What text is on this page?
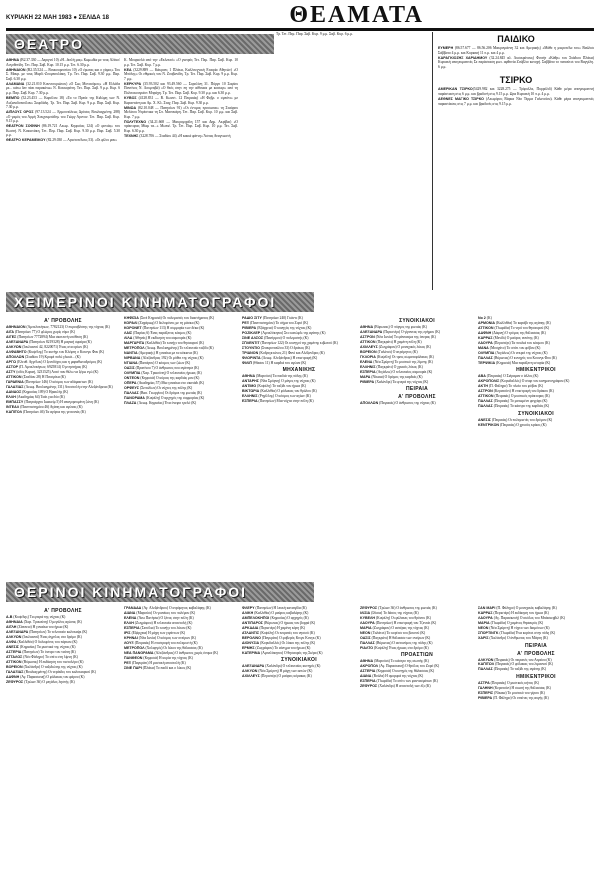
ΚΥΡΙΑΚΗ 22 ΜΑΗ 1983 ● ΣΕΛΙΔΑ 18	ΘΕΑΜΑΤΑ
ΘΕΑΤΡΟ

ΑΘΗΝΑ (Β2.37.330 — Δεριγνύ 10) «Η...διπλή μας» Κωμωδία με τους Αλέκο/Λογοθετίδη. Τετ. Παρ. Σαβ. Κυρ. 10.15 μ.μ. Τετ. 6.30 μ.μ.

ΑΘΗΝΑΙΟΝ (Β2.35.524 — Βουκουρεστίου 10) «Ο έρωτας και ο γάμος» Του Σ. Μαυρ. με τους Μαρδ.-Ζουμπουλάκη. Τρ. Τετ. Παρ. Σαβ. 9.30 μ.μ. Παρ. Σαβ. 6.30 μ.μ.

ΑΛΑΜΑΝΑ (32.21.010 Κουντουριώτου) «Ο Σως Μονοσόμος» «Η Ελλάδα με... κάτω δεν πάει παρακάτω» Ν. Κοκκορόπη. Τετ. Παρ. Σαβ. 9 μ.μ. Κυρ. 6 μ.μ. Παρ. Σαβ. Κυρ. 7.30 μ.μ.

ΒΕΜΠΟ (52.23.453 — Καρόλου 18) «Τα το Πρεύε της Κιδώμη των Ν. Λυζιανιδοπούλου» Σοφιδάλη. Τρ. Τετ. Παρ. Σαβ. Κυρ. 9 μ.μ. Παρ. Σαβ. Κυρ. 7.30 μ.μ.

ΔΙΠΛΟΥΣ ΟΡΟΣ (97.13.524 — Ερμουπόλεως Δρόσος Βουλιαγμένης 288) «Ο γαμός του Αρμή Χουχουμπάδη» του Γιώργ Αρνιτιν. Τετ. Παρ. Σαβ. Κυρ. 9.15 μ.μ.

ΘΕΑΤΡΟΝ ΣΟΦΙΝΗ (86.19.721 Λεωφ. Κηφισίας 124) «Ο φονιάς» του Κωστή. Ν. Κοκκινάκη. Τετ. Πεμ. Παρ. Σαβ. Κυρ. 9.30 μ.μ. Παρ. Σαβ. 5.30 μ.μ.

ΘΕΑΤΡΟ ΚΕΡΑΜΕΙΚΟΥ (82.29.030 — Αριστοτέλους 53). «Οι φίλοι μου»

Κ. Μουρσελά από την «Εκλεκτό» «Ο γιατρός Τετ. Πεμ. Παρ. Σαβ. Κυρ. 10 μ.μ. Τετ. Σαβ. Κυρ. 7 μ.μ.

ΚΕΑ (3229.889 — Κάκροπς 1 Πλάκα, Καλλιτεχνική Εταιρία Αθηνών) «Ο Μπόλης» Οι εθιμικές του Ν. Ζουβανίδη. Τρ. Τετ. Παρ. Σαβ. Κυρ. 9 μ.μ. Κυρ. 7 μ.μ.

ΚΕΡΚΥΡΑ (35.93.502 και 93.49.560 — Σορολίνη 31. Πύργο 10 Σοφίου Παντίνος Ν. Λουμπιβά) «Ο θεός στην πη την αίθουσα με κοσκερ» από τη Πολιτοκουγκέοτ Μπράχη. Τρ. Τετ. Παρ. Σαβ. Κυρ. 9.30 μ.μ. και 6.30 μ.μ.

ΚΥΒΟΣ (4128.831 — Β. Κωνστ. 12 Πειραιάς) «Η Φεβρ. ο σμπόνι» με Καραντάνη και Αμ. Χ. Κλ. Σταχ. Παρ. Σαβ. Κυρ. 9.30 μ.μ.

ΜΙΝΩΑ (82.10.048 — Πατησίων 91) «Οι έντιμος προσωπαι» τη Σταύρου Μελίπου Ντρέστικα τη Σπ. Μανουάρη. Τετ. Παρ. Σαβ. Κυρ. 10 μ.μ. και Σαβ. Κυρ. 7 μ.μ.

ΠΟΛΥΤΕΧΝΟ (34.21.668 — Μαυρομιχάλη 157 και Δημ. Ακρίβαι) «Ο πράκτορας Μίαμ τα...» Μωπιέ. Τρ. Τετ. Παρ. Σαβ. Κυρ. 10 μ.μ. Τετ. Σαβ. Κυρ. 6.30 μ.μ.

ΤΕΧΝΗΣ (3228.706 — Σταδίου 44) «Η κακιά φάτνη» Άσπας Αναγνωστή

Τρ. Τετ. Πεμ. Παρ. Σαβ. Κυρ. 9 μ.μ. Σαβ. Κυρ. 6 μ.μ.	ΠΑΙΔΙΚΟ

ΕΥΜΕΡΗ (86.57.677 — 86.56.206 Μακρυγιάννη 32 και Αμερικής) «Μάθε η μικροτέλα του» Βαύλισι Σάββατο 4 μ.μ. και Κυριακή 11 π.μ. και 4 μ.μ.

ΚΑΡΑΓΚΙΟΖΗΣ ΧΑΡΙΔΗΜΟΥ (32.24.845 αλ. Λυσικράτους) Φοιτήτ «Κάθρ» του Στάδιου Πλάκα) Κυριακή απογευματινές Σε παράσταση φωτ. αφθονία Ζούβλιο κατοχή. Σαββάτο το παπούτσι του Βαγγέλη. 6 μ.μ.

ΤΣΙΡΚΟ

ΑΜΕΡΙΚΑΝ ΤΣΙΡΚΟ(5429.982 και 3228.275 — Τρίφυλλα, Πυρρόλιδ) Κάθε μέρα απογευματινή παράσταση στις 6 μ.μ. και βραδινή στις 9.15 μ.μ. Ωρα Κυριακή 10 π.μ. 4 μ.μ.

ΑΕΘΝΕΣ ΜΑΓΙΚΟ ΤΣΙΡΚΟ (Λεωφόρος Βάρκα Νέο Τέρμα Γαλατσίου). Κάθε μέρα απογευματινές παραστάσεις στις 7 μ.μ. και βραδινές στις 9.15 μ.μ.

ΧΕΙΜΕΡΙΝΟΙ ΚΙΝΗΜΑΤΟΓΡΑΦΟΙ
Α' ΠΡΟΒΟΛΗΣ

ΑΘΗΝΑΙΟΝ (Αμπελοκήπων, 7782123) Ο πυροσβέστης της νύχτας (Κ)

ΑΙΓΑ (Πατησίων 77) Ο φλώρος χωρίς νόμο (Κ)

ΑΙΓΕΣ (Πατησίων 7772894) Μια σκοτεινή υπόθεση (Κ)

ΑΛΕΞΑΝΔΡΑ (Πατησίων 8219328) Η μαγική σφαίρα (Κ)

ΑΛΚΥΩΝ (Ιουλιανού 42, 8220071) Ένας στα ορίων (Κ)

ΑΛΦΑΒΗΤΟ (Κυψέλης) Το κυνήγι του Κλέφτη ο Κουνγκ Φου (Κ)

ΑΠΟΛΛΩΝ (Σταδίου 19) Κρυφέ πολύ γλυκά... (Κ)

ΑΡΓΩ (Ελευθ. Αγγέλου) Ο ξενοδόχος και η μαραθωνοδρόμος (Κ)

ΑΣΤΟΡ (Π. Αμπελοκήπων, 6925814) Ο μνηστήρας (Κ)

ΑΣΤΥ (οδός Κοραή, 3231525) Αυτό που θέλω να ξέρω εγώ (Κ)

ΑΤΤΙΚΟΝ (Σταδίου 28) Η Πιτσιρίκα (Κ)

ΓΑΡΔΕΝΙΑ (Πατησίων 146) Ο κόσμος των αδάμαστων (Κ)

ΓΑΛΑΞΙΑΣ (Λεωφ. Βουλιαγμένης 131) Αποστολή στην Αλεξάνδρεια (Κ)

ΔΑΝΑΟΣ (Κηφισίας 109) Ο Ηρακλής (Κ)

ΕΛΛΗ (Ακαδημίας 64) Τσάι για δύο (Κ)

ΕΜΠΑΣΣΥ (Πατριάρχου Ιωακείμ 5) Η απαγορευμένη ζώνη (Κ)

ΙΝΤΕΑΛ (Πανεπιστημίου 46) Αγάπη και αγώνας (Κ)

ΚΑΠΙΤΟΛ (Πατησίων 46) Τα αγόρια της γειτονιάς (Κ)

ΚΗΦΙΣΙΑ (Σινέ Κηφισιά) Οι πολεμιστές του διαστήματος (Κ)

ΚΟΡΑΛΙ (Ζαχάρωφ) Ο δολοφόνος με τη μάσκα (Κ)

ΚΟΡΟΝΕΤ (Πατησίων 113) Η συμμορία των δέκα (Κ)

ΛΑΙΣ (Πιερίας 6) Ένας παράξενος κόσμος (Κ)

ΛΙΛΑ (Αθηνάς) Η εκδίκηση του σαμουράι (Κ)

ΜΑΡΓΑΡΙΤΑ (Καλλιθέα) Το κυνήγι του θησαυρού (Κ)

ΜΕΤΡΟΠΟΛ (Λεωφ. Βουλιαγμένης) Το τελευταίο ταξίδι (Κ)

ΝΑΝΤΙΑ (Αμερικής) Η γυναίκα με τα κόκκινα (Κ)

ΝΙΡΒΑΝΑ (Αλεξάνδρας 192) Οι μύθοι της νύχτας (Κ)

ΝΤΙΑΝΑ (Παπάγου) Ο κόσμος των ζώων (Κ)

ΟΑΣΙΣ (Πρατίνου 7) Ο άνθρωπος που αγάπησε (Κ)

ΟΛΥΜΠΙΑ (Χαρ. Τρικούπη) Ο τελευταίος ήρωας (Κ)

ΟΝΤΕΟΝ (Κηφισιά) Ο κύριος της καρδιάς μου (Κ)

ΟΠΕΡΑ (Ακαδημίας 57) Μια γυναίκα στο σκοτάδι (Κ)

ΟΡΦΕΥΣ (Σεπολίων) Οι νύχτες της πόλης (Κ)

ΠΑΛΛΑΣ (Βασ. Γεωργίου) Οι δρόμοι της φωτιάς (Κ)

ΠΑΝΟΡΑΜΑ (Κυψέλη) Ο αρχηγός της συμμορίας (Κ)

ΠΛΑΖΑ (Λεωφ. Κηφισίας) Ένα όνειρο τρελό (Κ)

ΡΑΔΙΟ ΣΙΤΥ (Πατησίων 240) Γκάντι (Κ)

ΡΕΞ (Πανεπιστημίου) Το σήμα του Ζορό (Κ)

ΡΙΒΙΕΡΑ (Εξάρχεια) Ο κυνηγός της νύχτας (Κ)

ΡΟΖΙΚΛΕΡ (Αμπελόκηποι) Στο κατώφλι της αγάπης (Κ)

ΣΙΝΕ ΑΛΣΟΣ (Πανόρμου) Ο πολεμιστής (Κ)

ΣΠΛΕΝΤΙΤ (Πατησίων 122) Οι κυνηγοί της χαμένης κιβωτού (Κ)

ΣΤΟΥΝΤΙΟ (Σταυροπούλου 33) Ο δράκος (Κ)

ΤΡΙΑΝΟΝ (Κοδριγκτώνος 21) Φανί και Αλέξανδρος (Κ)

ΦΛΟΡΙΝΤΑ (Λεωφ. Αλεξάνδρας) Η επιστροφή (Κ)

ΦΙΛΙΠ (Θάσου 11) Η καρδιά του αγώνα (Κ)

ΜΗΧΑΝΙΚΗΣ

ΑΘΗΝΑ (Μαρούσι) Τα παιδιά της πόλης (Κ)

ΑΝΤΑΡΗΣ (Νέα Σμύρνη) Ο μάγος της νύχτας (Κ)

ΑΝΤΙΜΟ (Κυψέλη) Το ταξίδι του ήρωα (Κ)

ΒΙΚΤΩΡΙΑ (Καλλιθέα) Ο φύλακας του θρύλου (Κ)

ΕΛΛΗΝΙΣ (Ρηγίλλης) Ο κόσμος των αγίων (Κ)

ΕΣΠΕΡΙΑ (Πατησίων) Μια νύχτα στην πόλη (Κ)

ΣΥΝΟΙΚΙΑΚΟΙ

ΑΘΗΝΑ (Βύρωνας) Ο πύργος της φωτιάς (Κ)

ΑΛΕΞΑΝΔΡΑ (Περιστέρι) Ο γίγαντας της ερήμου (Κ)

ΑΣΤΡΟΝ (Νέα Ιωνία) Το φάντασμα της όπερας (Κ)

ΑΤΤΙΚΟΝ (Παγκράτι) Η χαμένη πόλη (Κ)

ΑΧΙΛΛΕΥΣ (Ζωγράφου) Ο μοναχικός λύκος (Κ)

ΒΟΡΕΙΟΝ (Γαλάτσι) Ο ατρόμητος (Κ)

ΓΚΛΟΡΙΑ (Κυψέλη) Οι τρεις σωματοφύλακες (Κ)

ΕΛΕΝΑ (Νέα Σμύρνη) Το μυστικό της λίμνης (Κ)

ΕΛΛΗΝΙΣ (Παγκράτι) Ο χρυσός λύκος (Κ)

ΕΣΠΕΡΙΑ (Αιγάλεω) Ο τελευταίος σαμουράι (Κ)

ΜΑΡΑ (Νίκαια) Ο δρόμος της καρδιάς (Κ)

ΡΙΒΙΕΡΑ (Χαλάνδρι) Τα φτερά της νύχτας (Κ)

ΠΕΙΡΑΙΑ
Α' ΠΡΟΒΟΛΗΣ

ΑΠΟΛΛΩΝ (Πειραιάς) Ο άνθρωπος της νύχτας (Κ)

Νο 2 (Κ)

ΑΡΜΟΝΙΑ (Καλλιθέα) Το καράβι της αγάπης (Κ)

ΑΤΤΙΚΟΝ (Γλυφάδα) Το νησί του θησαυρού (Κ)

ΔΑΦΝΗ (Δάφνη) Ο τρόμος της θάλασσας (Κ)

ΚΑΡΡΑΣ (Μενίδι) Ο μαύρος ιππότης (Κ)

ΛΑΟΥΡΑ (Περιστέρι) Τα πουλιά του κόσμου (Κ)

ΜΑΝΑ (Μοσχάτο) Το σπίτι του φόβου (Κ)

ΟΛΥΜΠΙΑ (Αιγάλεω) Οι νεκροί της νύχτας (Κ)

ΠΑΛΛΑΣ (Βύρωνας) Ο κυνηγός του Κουνγκ Φου (Κ)

ΤΕΡΨΙΚΙΑ (Κηφισιά) Μια παράξενη ιστορία (Κ)

ΗΜΙΚΕΝΤΡΙΚΟΙ

ΑΒΑ (Πειραιάς) Ο Σιέραμαν ο άλλος (Κ)

ΑΚΡΟΠΟΛΙΣ (Κορυδαλλός) Ο σταρ του κινηματογράφου (Κ)

ΑΚΤΗ (Π. Φάληρο) Το πλοίο του φόβου (Κ)

ΑΣΤΡΟΝ (Κερατσίνι) Η επιστροφή του δράκου (Κ)

ΑΤΤΙΚΟΝ (Πειραιάς) Ο μυστικός πράκτορας (Κ)

ΠΑΛΛΑΣ (Πειραιάς) Το ματωμένο φεγγάρι (Κ)

ΠΑΛΛΑΣ (Πειραιάς) Το κάστρο της καρδιάς (Κ)

ΣΥΝΟΙΚΙΑΚΟΙ

ΑΝΕΣΙΣ (Πειραιάς) Οι πολεμιστές του δρόμου (Κ)

ΚΕΝΤΡΙΚΟΝ (Πειραιάς) Ο χρυσός κρίκος (Κ)

ΘΕΡΙΝΟΙ ΚΙΝΗΜΑΤΟΓΡΑΦΟΙ
Α' ΠΡΟΒΟΛΗΣ

Α-Β (Κυψέλης) Τα φτερά της νύχτας (Κ)

ΑΘΗΝΑΙΑ (Χαρ. Τρικούπη) Ο μεγάλος αγώνας (Κ)

ΑΙΓΛΗ (Ζάππειο) Η γυναίκα του ήρωα (Κ)

ΑΛΕΞΑΝΔΡΑ (Πατησίων) Το τελευταίο καλοκαίρι (Κ)

ΑΛΚΥΩΝ (Ιουλιανού) Ένας άγγελος στο δρόμο (Κ)

ΑΛΦΑ (Καλλιθέα) Ο δολοφόνος του πάρκου (Κ)

ΑΝΕΣΙΣ (Κηφισίας) Τα μυστικά της νύχτας (Κ)

ΑΣΤΕΡΙΑ (Πατησίων) Το όνειρο του ναύτη (Κ)

ΑΤΤΑΛΟΣ (Νέο Φάληρο) Το σπίτι στη λίμνη (Κ)

ΑΤΤΙΚΟΝ (Βύρωνας) Η εκδίκηση του πιστολέρο (Κ)

ΒΟΡΕΙΟΝ (Χαλάνδρι) Ο ταξιδιώτης της νύχτας (Κ)

ΓΑΛΑΞΙΑΣ (Βουλιαγμένης) Οι νεράιδες του καλοκαιριού (Κ)

ΔΑΦΝΗ (Αγ. Παρασκευή) Ο φύλακας του φάρου (Κ)

ΖΕΦΥΡΟΣ (Τρώων 36) Ο μεγάλος ληστής (Κ)

ΓΡΑΝΑΔΑ (Αγ. Αλεξάνδρου) Ο ατρόμητος καβαλάρης (Κ)

ΔΙΑΝΑ (Μαρούσι) Οι γυναίκες του πολέμου (Κ)

ΕΛΕΝΑ (Άνω Πατήσια) Ο ξένος στην πόλη (Κ)

ΕΛΛΗ (Ζωγράφου) Η τελευταία αποστολή (Κ)

ΕΣΠΕΡΙΑ (Σεπόλια) Το κυνήγι του λύκου (Κ)

ΙΡΙΣ (Εξάρχεια) Η μάχη των γιγάντων (Κ)

ΚΡΗΝΑΙ (Νέα Ιωνία) Ο κόσμος των ονείρων (Κ)

ΛΟΥΞ (Πειραιάς) Η επιστροφή του πολεμιστή (Κ)

ΜΕΤΡΟΠΟΛ (Χολαργός) Οι λύκοι της θάλασσας (Κ)

ΝΕΑ ΠΑΝΟΡΑΜΑ (Αλεξάνδρας) Ο άνθρωπος χωρίς όνομα (Κ)

ΠΑΝΘΕΟΝ (Κηφισιά) Η κυρία της νύχτας (Κ)

ΡΕΞ (Παγκράτι) Η μυστική αποστολή (Κ)

ΣΙΝΕ ΠΑΡΙ (Πλάκα) Το παιδί και ο λύκος (Κ)

ΦΛΕΡΥ (Πατησίων) Η λευκή καταιγίδα (Κ)

ΑΛΙΚΗ (Καλλιθέα) Ο μαύρος καβαλάρης (Κ)

ΑΜΠΕΛΟΚΗΠΟΙ (Κηφισίας) Ο αρχηγός (Κ)

ΑΝΤΙΠΑΡΟΣ (Βύρωνας) Ο ήρωας του βορρά (Κ)

ΑΡΚΑΔΙΑ (Περιστέρι) Η χαμένη κόρη (Κ)

ΑΤΛΑΝΤΙΣ (Κυψέλη) Οι πειρατές του νησιού (Κ)

ΒΕΡΟΛΙΝΟ (Παγκράτι) Ο φοβερός Κινγκ Κονγκ (Κ)

ΔΙΟΝΥΣΙΑ (Κορυδαλλός) Οι λύκοι της πόλης (Κ)

ΕΡΜΗΣ (Ζωγράφου) Το αίνιγμα του ήρωα (Κ)

ΚΑΤΕΡΙΝΑ (Αμπελόκηποι) Ο θησαυρός της Σιέρα (Κ)

ΣΥΝΟΙΚΙΑΚΟΙ

ΑΛΕΞΑΝΔΡΑ (Χαλάνδρι) Ο τελευταίος κυνηγός (Κ)

ΑΛΚΥΩΝ (Νέα Σμύρνη) Η μάχη των αετών (Κ)

ΑΧΙΛΛΕΥΣ (Περιστέρι) Ο μαύρος κόρακας (Κ)

ΖΕΦΥΡΟΣ (Τρώων 36) Ο άνθρωπος της φωτιάς (Κ)

ΙΛΙΣΙΑ (Ιλίσια) Το δάσος της νύχτας (Κ)

ΚΥΒΕΛΗ (Κυψέλη) Οι φύλακες του θρόνου (Κ)

ΛΑΟΥΡΑ (Πατησίων) Η επιστροφή του Τζεντάι (Κ)

ΜΑΡΙΑ (Ζωγράφου) Ο αστέρας της νύχτας (Κ)

ΝΕΟΝ (Γαλάτσι) Το κορίτσι του βουνού (Κ)

ΟΑΣΙΣ (Παγκράτι) Η θάλασσα των ονείρων (Κ)

ΠΑΛΛΑΣ (Βύρωνας) Ο αστυνόμος της πόλης (Κ)

ΡΙΑΛΤΟ (Κυψέλη) Ένας ήρωας στο δρόμο (Κ)

ΠΡΟΑΣΤΙΩΝ

ΑΘΗΝΑ (Μαρούσι) Το κάστρο της σιωπής (Κ)

ΑΚΡΟΠΟΛ (Αγ. Παρασκευή) Ο θρύλος του Ζορό (Κ)

ΑΣΤΕΡΙΑ (Κηφισιά) Ο κυνηγός της θάλασσας (Κ)

ΔΙΑΝΑ (Βούλα) Η ομορφιά της νύχτας (Κ)

ΕΣΠΕΡΙΑ (Γλυφάδα) Το σπίτι των φαντασμάτων (Κ)

ΖΕΦΥΡΟΣ (Χαλάνδρι) Η αποστολή των έξι (Κ)

ΣΑΝ ΜΑΡΙ (Π. Φάληρο) Ο μοναχικός καβαλάρης (Κ)

ΚΑΡΡΑΣ (Περιστέρι) Η εκδίκηση του ήρωα (Κ)

ΛΑΟΥΡΑ (Αγ. Παρασκευή) Ο σκύλος του Μπάσκερβιλ (Κ)

ΜΑΡΙΑ (Γλυφάδα) Ο χαμένος θησαυρός (Κ)

ΝΕΟΝ (Νέα Σμύρνη) Η νύχτα των δαιμόνων (Κ)

ΣΠΟΡΤΙΝΓΚ (Γλυφάδα) Ένα κορίτσι στην πόλη (Κ)

ΧΑΡΙΣ (Χαλάνδρι) Ο άνθρωπος του Μάρτη (Κ)

ΠΕΙΡΑΙΑ
Α' ΠΡΟΒΟΛΗΣ

ΑΛΚΥΩΝ (Πειραιάς) Οι πειρατές του Αιγαίου (Κ)

ΚΑΠΙΤΩΛ (Πειραιάς) Ο φύλακας του λιμανιού (Κ)

ΠΑΛΛΑΣ (Πειραιάς) Το ταξίδι της αγάπης (Κ)

ΗΜΙΚΕΝΤΡΙΚΟΙ

ΑΣΤΡΑ (Πειραιάς) Ο μυστικός κήπος (Κ)

ΓΑΛΗΝΗ (Κερατσίνι) Η σιωπή της θάλασσας (Κ)

ΕΣΠΕΡΙΣ (Νίκαια) Το μυστικό του γέρου (Κ)

ΡΙΒΙΕΡΑ (Π. Φάληρο) Οι ιππότες της αυγής (Κ)
